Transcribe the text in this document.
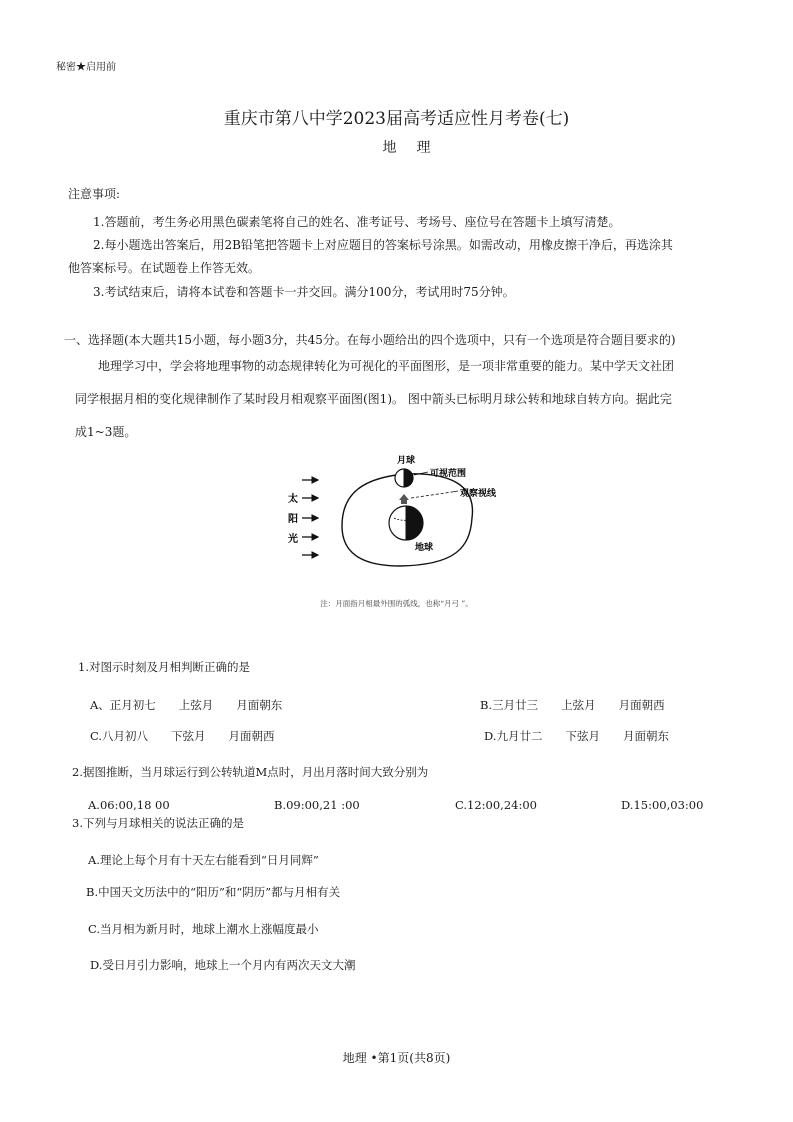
秘密★启用前
重庆市第八中学2023届高考适应性月考卷(七)
地理
注意事项:
1.答题前，考生务必用黑色碳素笔将自己的姓名、准考证号、考场号、座位号在答题卡上填写清楚。
2.每小题选出答案后，用2B铅笔把答题卡上对应题目的答案标号涂黑。如需改动，用橡皮擦干净后，再选涂其
他答案标号。在试题卷上作答无效。
3.考试结束后，请将本试卷和答题卡一并交回。满分100分，考试用时75分钟。
一、选择题(本大题共15小题，每小题3分，共45分。在每小题给出的四个选项中，只有一个选项是符合题目要求的)
地理学习中，学会将地理事物的动态规律转化为可视化的平面图形，是一项非常重要的能力。某中学天文社团
同学根据月相的变化规律制作了某时段月相观察平面图(图1)。 图中箭头已标明月球公转和地球自转方向。据此完
成1~3题。
太
阳
光
月球
可视范围
观察视线
地球
注：月面指月相最外围的弧线，也称“月弓 ”。
1.对图示时刻及月相判断正确的是
A、正月初七　　上弦月　　月面朝东	B.三月廿三　　上弦月　　月面朝西
C.八月初八　　下弦月　　月面朝西	D.九月廿二　　下弦月　　月面朝东
2.据图推断，当月球运行到公转轨道M点时，月出月落时间大致分别为
A.06:00,18 00	B.09:00,21 :00	C.12:00,24:00	D.15:00,03:00
3.下列与月球相关的说法正确的是
A.理论上每个月有十天左右能看到“日月同辉”
B.中国天文历法中的“阳历”和“阴历”都与月相有关
C.当月相为新月时，地球上潮水上涨幅度最小
D.受日月引力影响，地球上一个月内有两次天文大潮
地理 •第1页(共8页)
